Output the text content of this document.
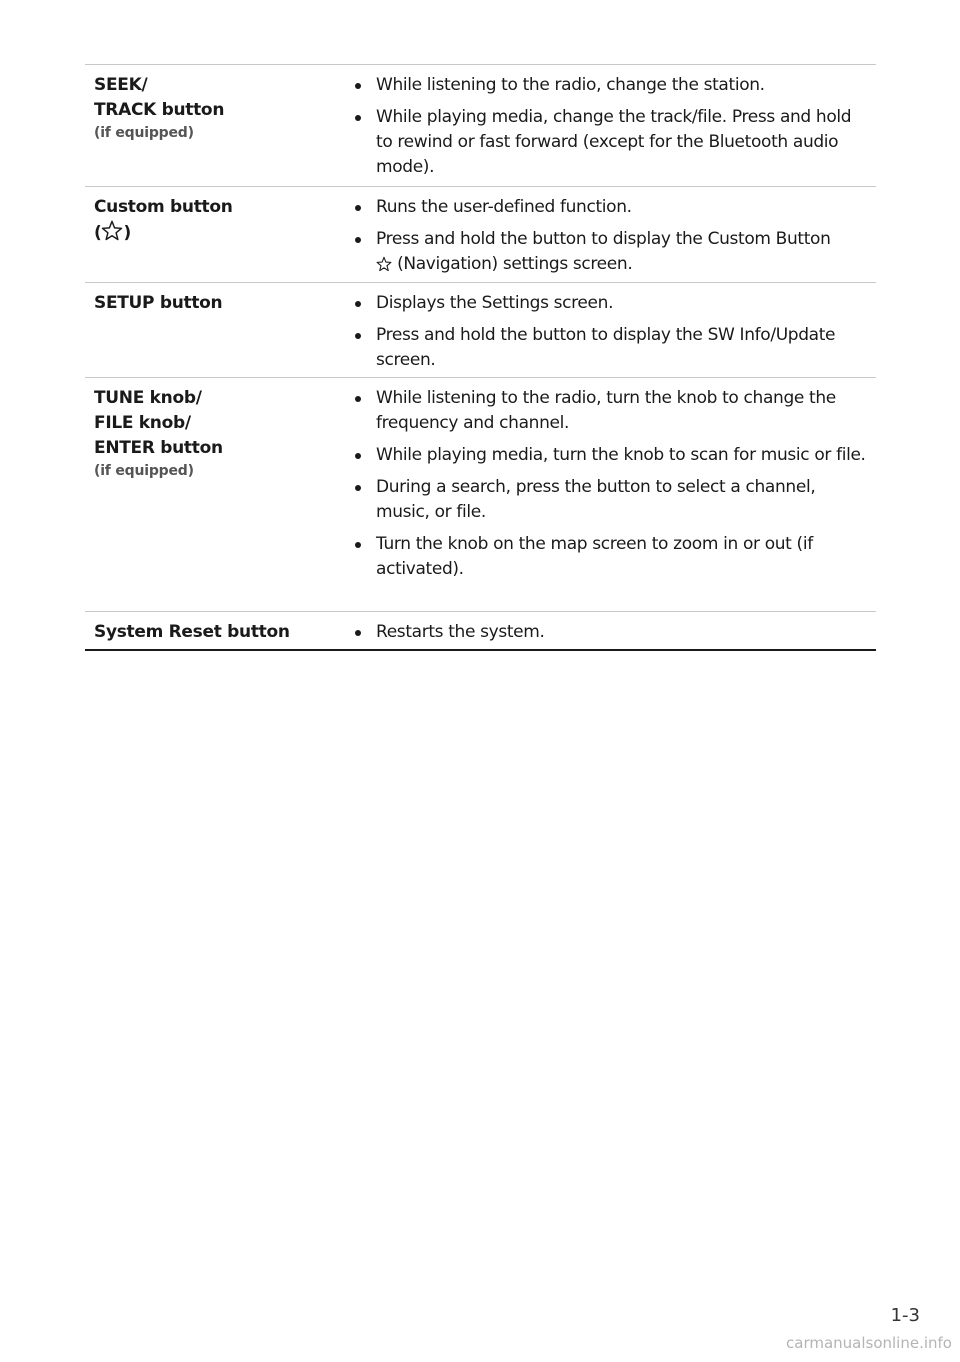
SEEK/
TRACK button
(if equipped)
While listening to the radio, change the station.
While playing media, change the track/file. Press and hold to rewind or fast forward (except for the Bluetooth audio mode).
Custom button
( )
Runs the user-defined function.
Press and hold the button to display the Custom Button
(Navigation) settings screen.
SETUP button	Displays the Settings screen.
Press and hold the button to display the SW Info/Update screen.
TUNE knob/
FILE knob/
ENTER button
(if equipped)
While listening to the radio, turn the knob to change the frequency and channel.
While playing media, turn the knob to scan for music or file.
During a search, press the button to select a channel, music, or file.
Turn the knob on the map screen to zoom in or out (if activated).
System Reset button	Restarts the system.
1-3
carmanualsonline.info
